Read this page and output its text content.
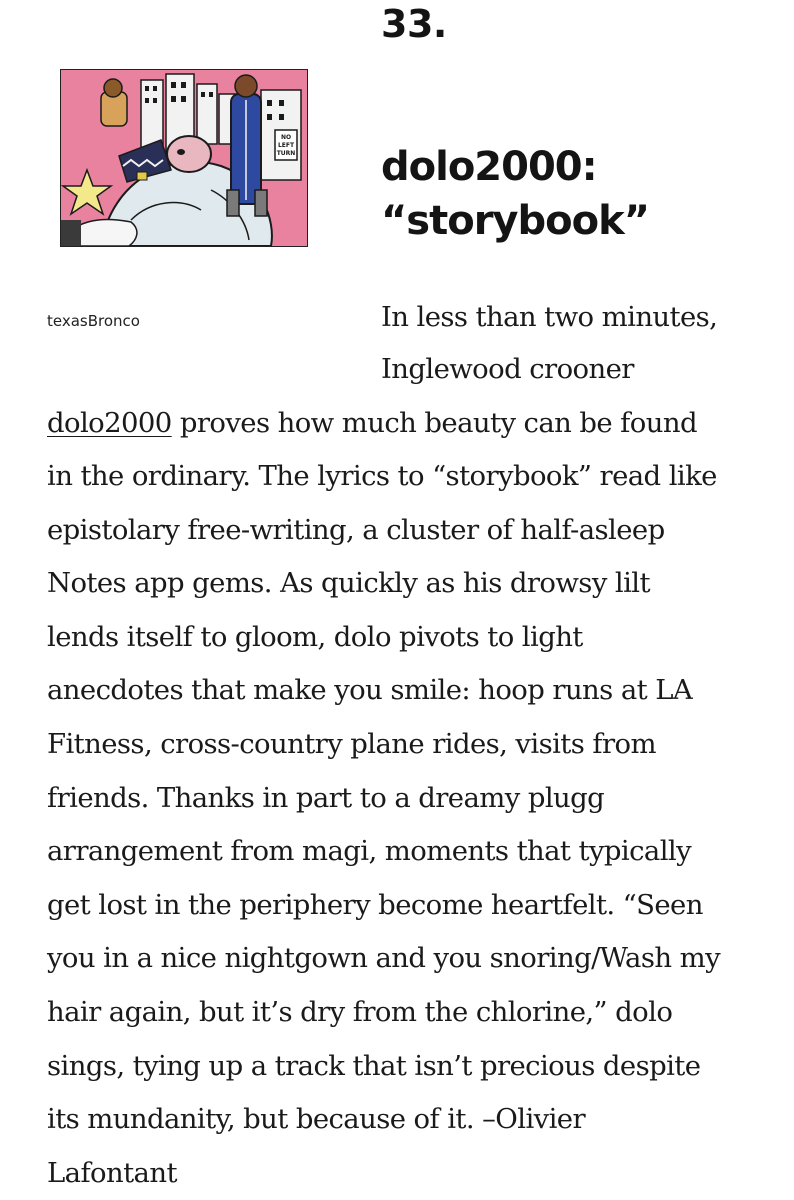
33.
NO
LEFT
TURN dolo2000:
“storybook”
texasBronco	In less than two minutes,
Inglewood crooner
dolo2000 proves how much beauty can be found
in the ordinary. The lyrics to “storybook” read like
epistolary free-writing, a cluster of half-asleep
Notes app gems. As quickly as his drowsy lilt
lends itself to gloom, dolo pivots to light
anecdotes that make you smile: hoop runs at LA
Fitness, cross-country plane rides, visits from
friends. Thanks in part to a dreamy plugg
arrangement from magi, moments that typically
get lost in the periphery become heartfelt. “Seen
you in a nice nightgown and you snoring/Wash my
hair again, but it’s dry from the chlorine,” dolo
sings, tying up a track that isn’t precious despite
its mundanity, but because of it. –Olivier
Lafontant
